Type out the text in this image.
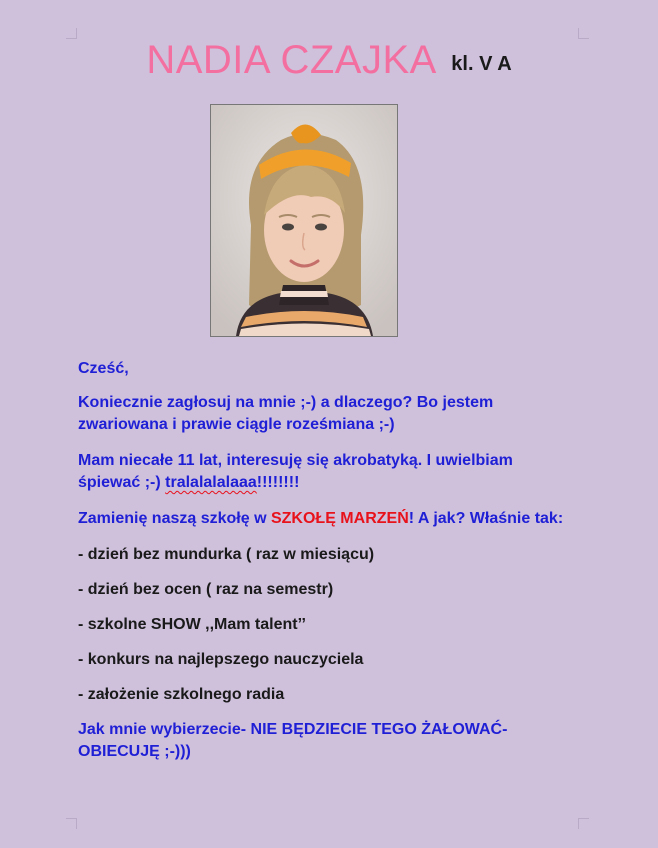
NADIA CZAJKA kl. V A

Cześć,

Koniecznie zagłosuj na mnie ;-) a dlaczego? Bo jestem zwariowana i prawie ciągle roześmiana ;-)

Mam niecałe 11 lat, interesuję się akrobatyką. I uwielbiam śpiewać ;-) tralalalalaaa!!!!!!!!

Zamienię naszą szkołę w SZKOŁĘ MARZEŃ! A jak? Właśnie tak:

- dzień bez mundurka ( raz w miesiącu)

- dzień bez ocen ( raz na semestr)

- szkolne SHOW ,,Mam talent’’

- konkurs na najlepszego nauczyciela

- założenie szkolnego radia

Jak mnie wybierzecie- NIE BĘDZIECIE TEGO ŻAŁOWAĆ- OBIECUJĘ ;-)))
